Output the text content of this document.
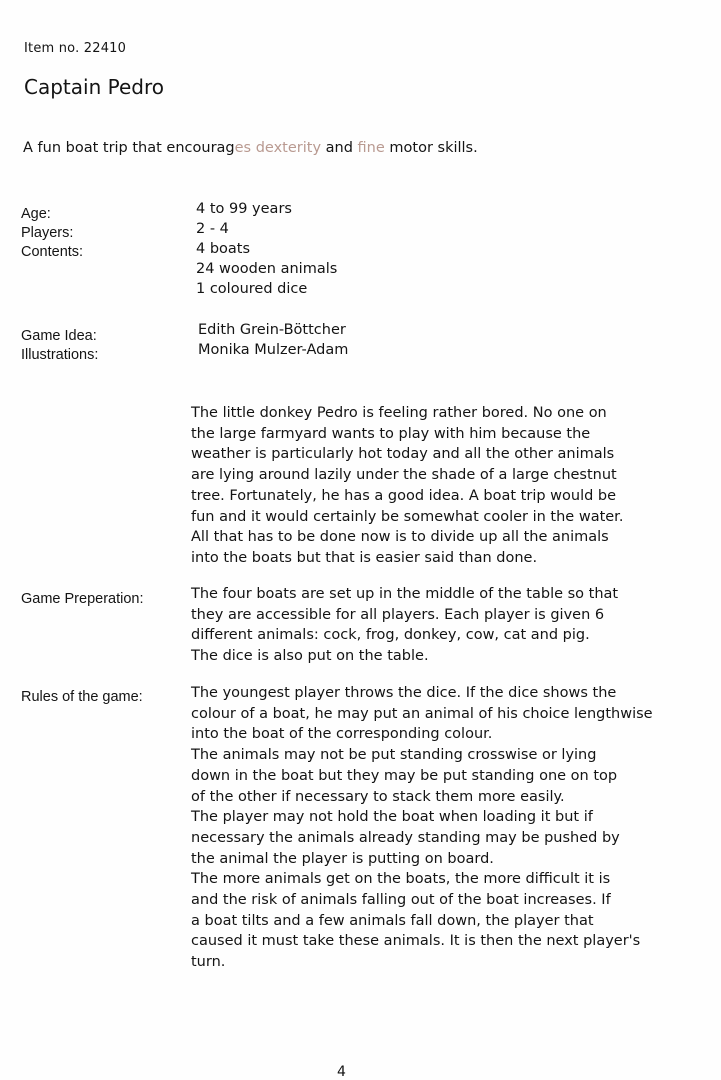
Item no. 22410
Captain Pedro
A fun boat trip that encourages dexterity and fine motor skills.
Age:
Players:
Contents:
4 to 99 years
2 - 4
4 boats
24 wooden animals
1 coloured dice
Game Idea:
Illustrations:
Edith Grein-Böttcher
Monika Mulzer-Adam
The little donkey Pedro is feeling rather bored. No one on
the large farmyard wants to play with him because the
weather is particularly hot today and all the other animals
are lying around lazily under the shade of a large chestnut
tree. Fortunately, he has a good idea. A boat trip would be
fun and it would certainly be somewhat cooler in the water.
All that has to be done now is to divide up all the animals
into the boats but that is easier said than done.
Game Preperation:	The four boats are set up in the middle of the table so that
they are accessible for all players. Each player is given 6
different animals: cock, frog, donkey, cow, cat and pig.
The dice is also put on the table.
Rules of the game:	The youngest player throws the dice. If the dice shows the
colour of a boat, he may put an animal of his choice lengthwise
into the boat of the corresponding colour.
The animals may not be put standing crosswise or lying
down in the boat but they may be put standing one on top
of the other if necessary to stack them more easily.
The player may not hold the boat when loading it but if
necessary the animals already standing may be pushed by
the animal the player is putting on board.
The more animals get on the boats, the more difficult it is
and the risk of animals falling out of the boat increases. If
a boat tilts and a few animals fall down, the player that
caused it must take these animals. It is then the next player's
turn.
4
